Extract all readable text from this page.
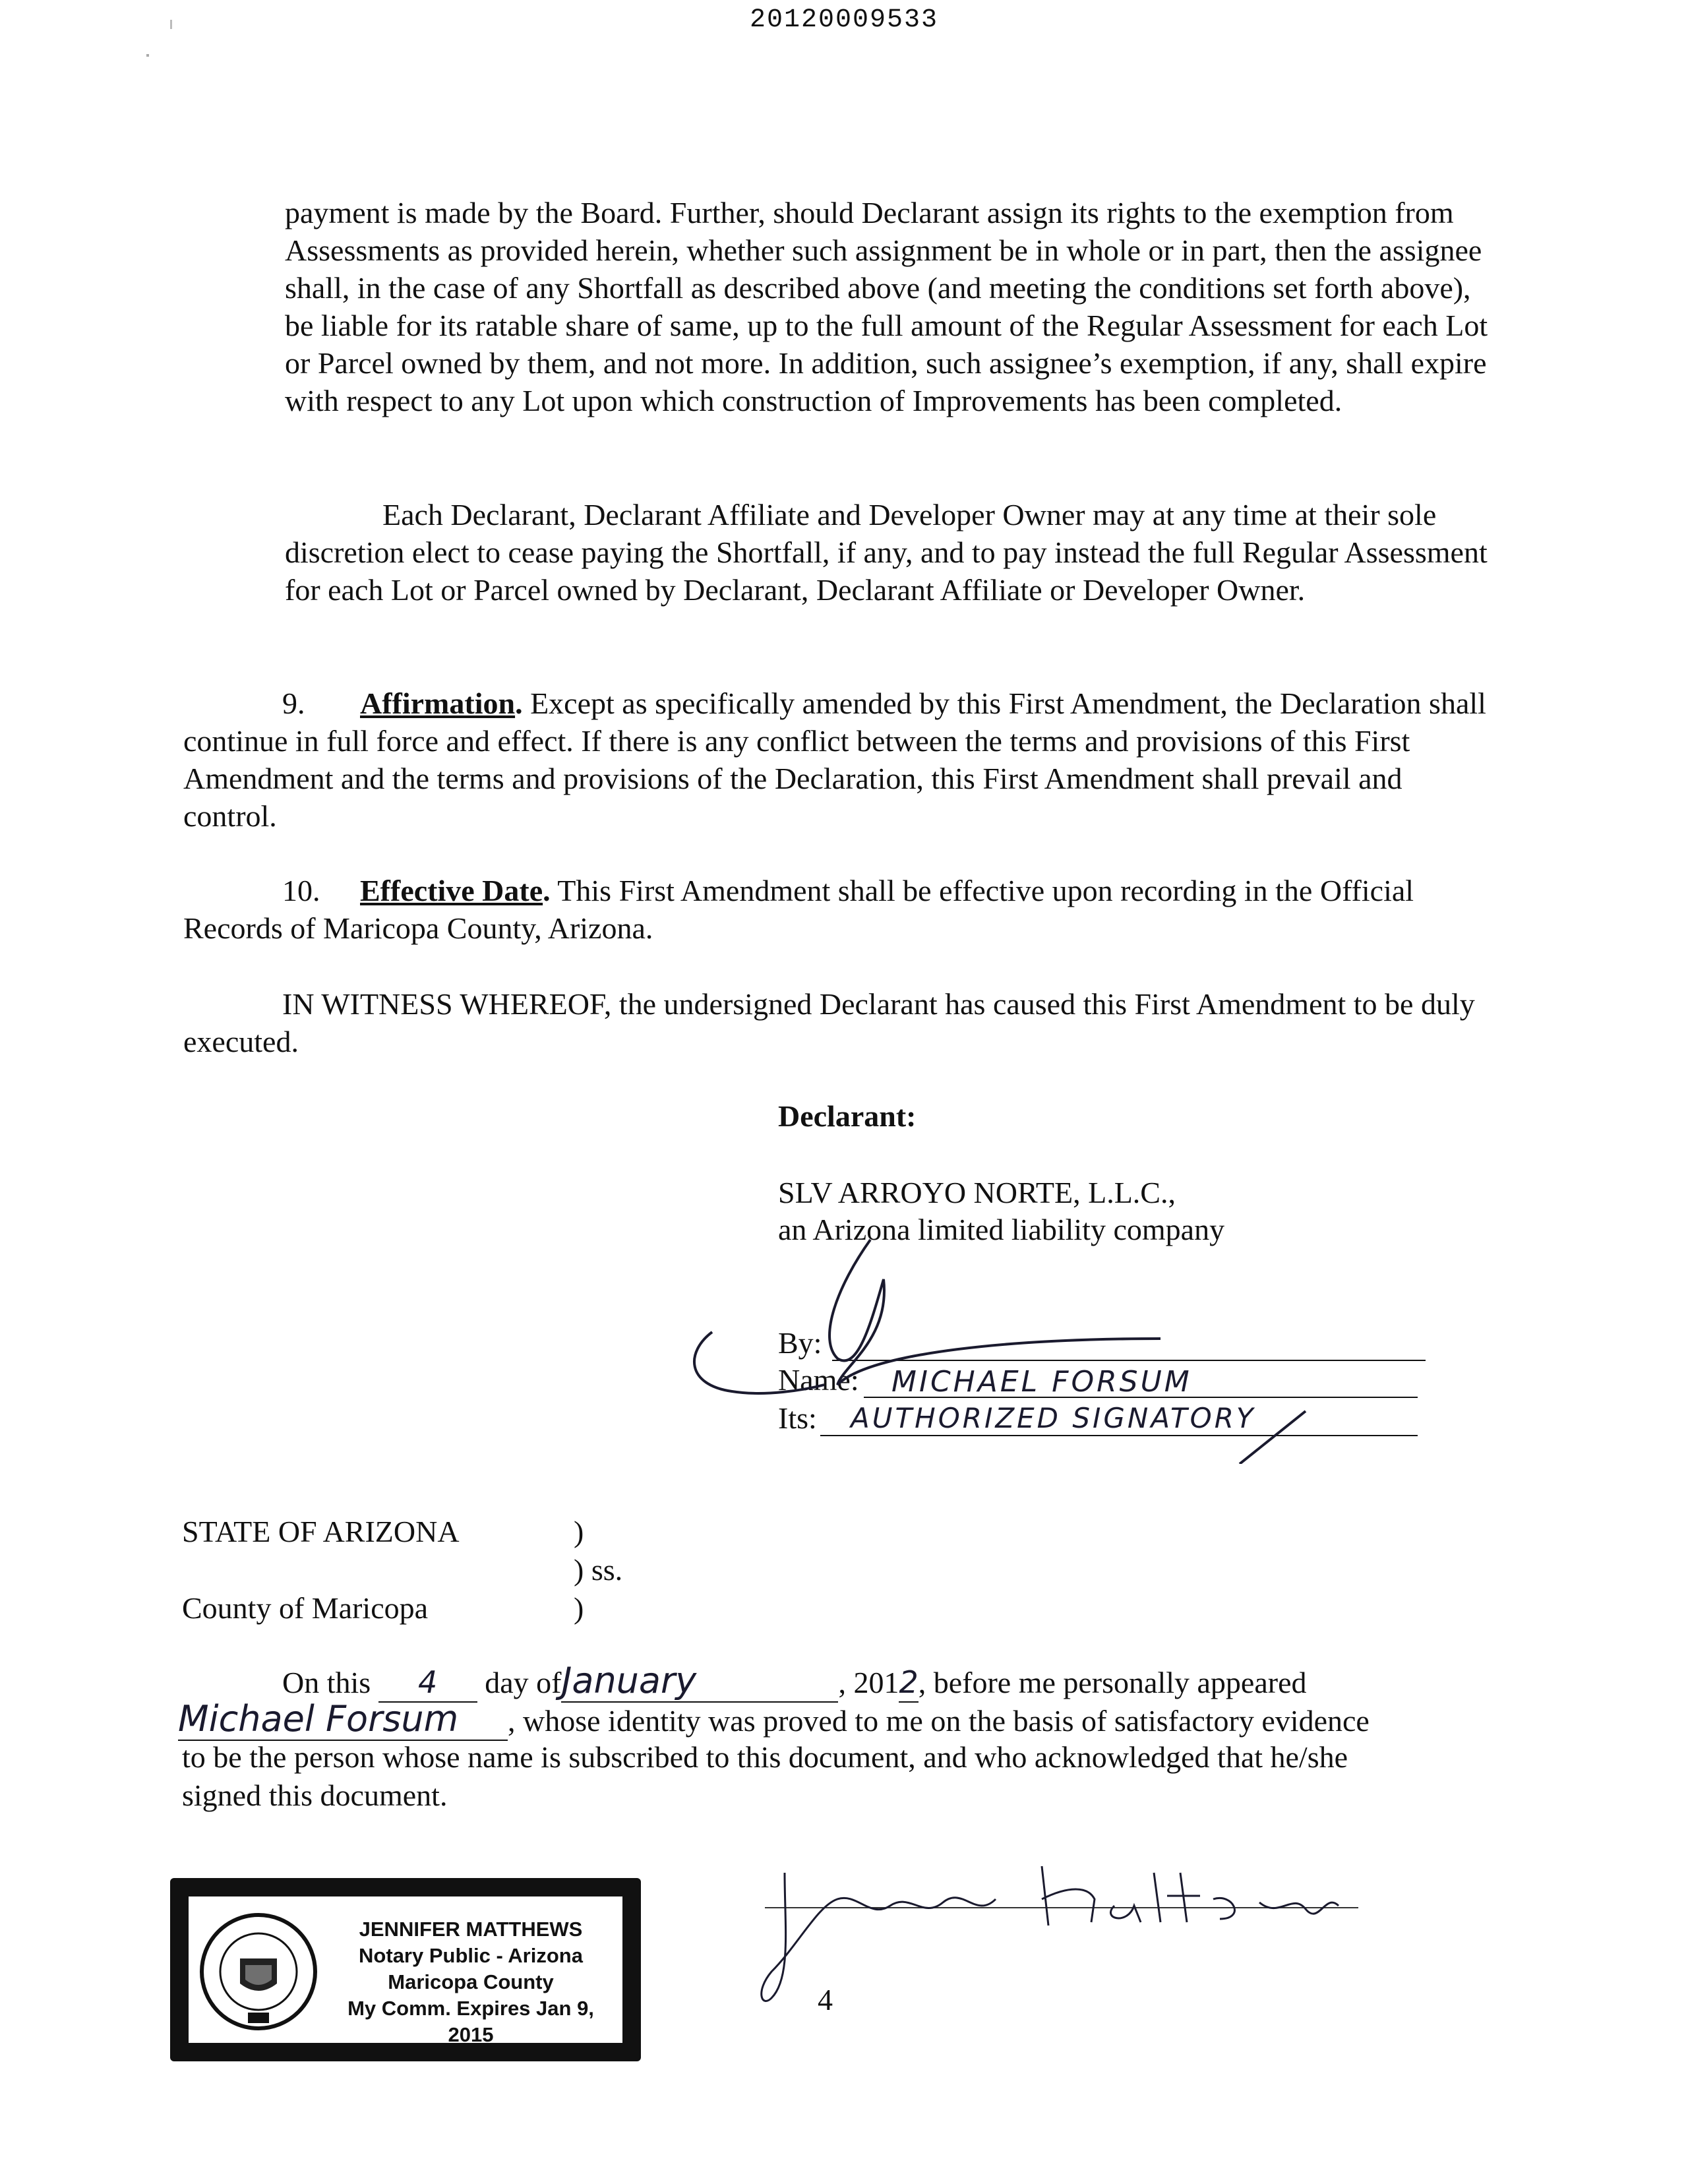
20120009533
payment is made by the Board. Further, should Declarant assign its rights to the exemption from Assessments as provided herein, whether such assignment be in whole or in part, then the assignee shall, in the case of any Shortfall as described above (and meeting the conditions set forth above), be liable for its ratable share of same, up to the full amount of the Regular Assessment for each Lot or Parcel owned by them, and not more. In addition, such assignee’s exemption, if any, shall expire with respect to any Lot upon which construction of Improvements has been completed.
Each Declarant, Declarant Affiliate and Developer Owner may at any time at their sole discretion elect to cease paying the Shortfall, if any, and to pay instead the full Regular Assessment for each Lot or Parcel owned by Declarant, Declarant Affiliate or Developer Owner.
9. Affirmation. Except as specifically amended by this First Amendment, the Declaration shall continue in full force and effect. If there is any conflict between the terms and provisions of this First Amendment and the terms and provisions of the Declaration, this First Amendment shall prevail and control.
10. Effective Date. This First Amendment shall be effective upon recording in the Official Records of Maricopa County, Arizona.
IN WITNESS WHEREOF, the undersigned Declarant has caused this First Amendment to be duly executed.
Declarant:
SLV ARROYO NORTE, L.L.C.,
an Arizona limited liability company
By:
Name: MICHAEL FORSUM
Its: AUTHORIZED SIGNATORY
STATE OF ARIZONA	)
) ss.
County of Maricopa	)
On this 4 day ofJanuary	, 2012, before me personally appeared
Michael Forsum , whose identity was proved to me on the basis of satisfactory evidence
to be the person whose name is subscribed to this document, and who acknowledged that he/she
signed this document.
JENNIFER MATTHEWS
Notary Public - Arizona
Maricopa County
My Comm. Expires Jan 9, 2015
4
